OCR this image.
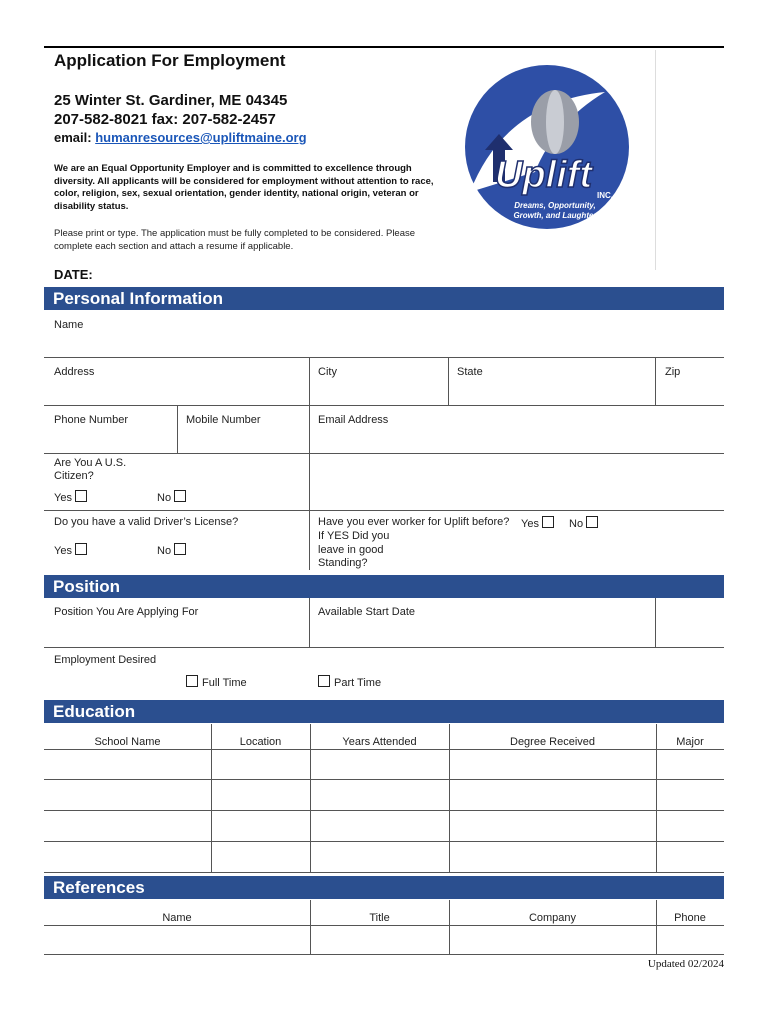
Application For Employment
25 Winter St. Gardiner, ME 04345
207-582-8021 fax: 207-582-2457
email: humanresources@upliftmaine.org
We are an Equal Opportunity Employer and is committed to excellence through diversity. All applicants will be considered for employment without attention to race, color, religion, sex, sexual orientation, gender identity, national origin, veteran or disability status.
Please print or type. The application must be fully completed to be considered. Please complete each section and attach a resume if applicable.
DATE:
Uplift INC.
Dreams, Opportunity,
Growth, and Laughter
Personal Information
Name
Address	City	State	Zip
Phone Number	Mobile Number	Email Address
Are You A U.S. Citizen?
Yes	No
Do you have a valid Driver’s License?
Yes	No
Have you ever worker for Uplift before? Yes	No
If YES Did you leave in good Standing?
Position
Position You Are Applying For	Available Start Date
Employment Desired
Full Time	Part Time
Education
School Name	Location	Years Attended	Degree Received	Major
References
Name	Title	Company	Phone
Updated 02/2024
